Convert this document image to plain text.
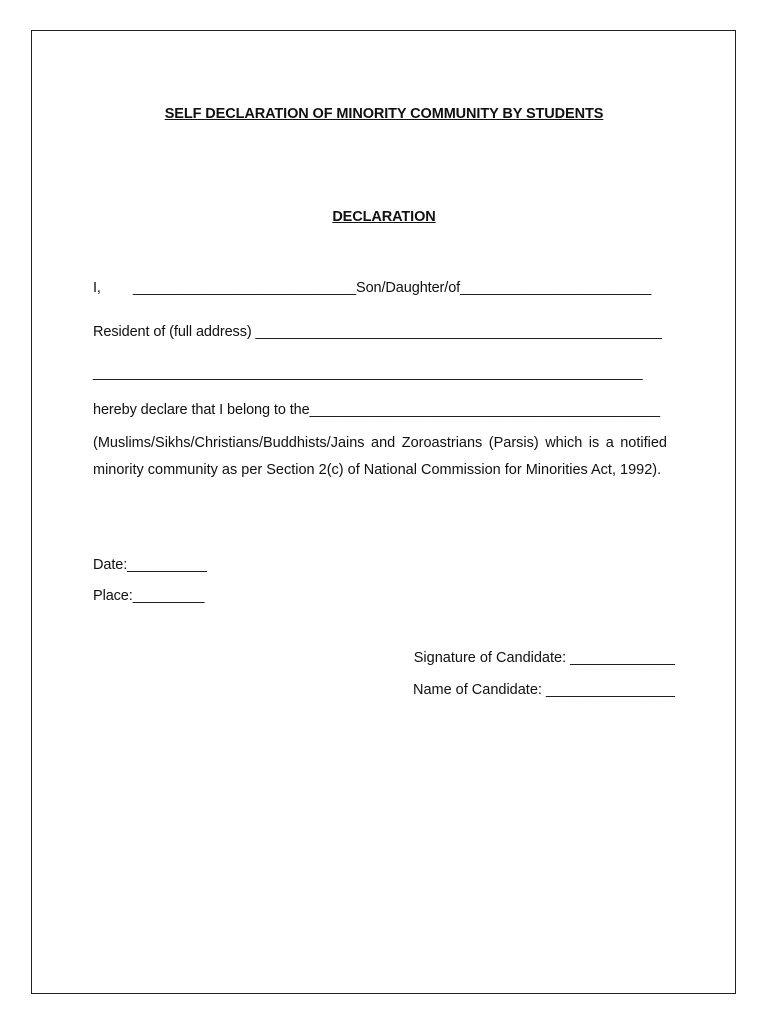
SELF DECLARATION OF MINORITY COMMUNITY BY STUDENTS
DECLARATION
I, ____________________________Son/Daughter/of________________________
Resident of (full address) ___________________________________________________
_____________________________________________________________________
hereby declare that I belong to the____________________________________________
(Muslims/Sikhs/Christians/Buddhists/Jains and Zoroastrians (Parsis) which is a notified minority community as per Section 2(c) of National Commission for Minorities Act, 1992).
Date:__________
Place:_________
Signature of Candidate: _____________
Name of Candidate: ________________
